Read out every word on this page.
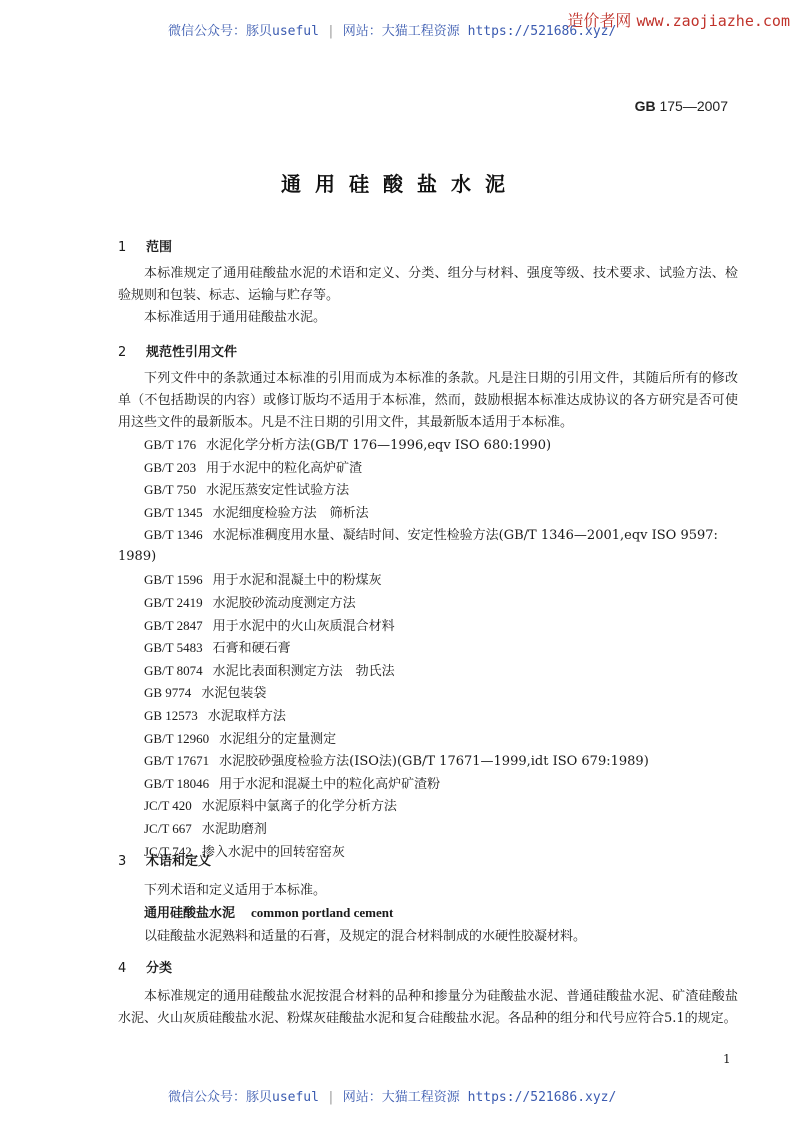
微信公众号：豚贝useful | 网站：大猫工程资源 https://521686.xyz/
造价者网 www.zaojiazhe.com
GB 175—2007
通用硅酸盐水泥
1 范围
本标准规定了通用硅酸盐水泥的术语和定义、分类、组分与材料、强度等级、技术要求、试验方法、检验规则和包装、标志、运输与贮存等。
本标准适用于通用硅酸盐水泥。
2 规范性引用文件
下列文件中的条款通过本标准的引用而成为本标准的条款。凡是注日期的引用文件，其随后所有的修改单（不包括勘误的内容）或修订版均不适用于本标准，然而，鼓励根据本标准达成协议的各方研究是否可使用这些文件的最新版本。凡是不注日期的引用文件，其最新版本适用于本标准。
GB/T 176 水泥化学分析方法(GB/T 176—1996,eqv ISO 680:1990)
GB/T 203 用于水泥中的粒化高炉矿渣
GB/T 750 水泥压蒸安定性试验方法
GB/T 1345 水泥细度检验方法　筛析法
GB/T 1346 水泥标准稠度用水量、凝结时间、安定性检验方法(GB/T 1346—2001,eqv ISO 9597:
1989)
GB/T 1596 用于水泥和混凝土中的粉煤灰
GB/T 2419 水泥胶砂流动度测定方法
GB/T 2847 用于水泥中的火山灰质混合材料
GB/T 5483 石膏和硬石膏
GB/T 8074 水泥比表面积测定方法　勃氏法
GB 9774 水泥包装袋
GB 12573 水泥取样方法
GB/T 12960 水泥组分的定量测定
GB/T 17671 水泥胶砂强度检验方法(ISO法)(GB/T 17671—1999,idt ISO 679:1989)
GB/T 18046 用于水泥和混凝土中的粒化高炉矿渣粉
JC/T 420 水泥原料中氯离子的化学分析方法
JC/T 667 水泥助磨剂
JC/T 742 掺入水泥中的回转窑窑灰
3 术语和定义
下列术语和定义适用于本标准。
通用硅酸盐水泥 common portland cement
以硅酸盐水泥熟料和适量的石膏，及规定的混合材料制成的水硬性胶凝材料。
4 分类
本标准规定的通用硅酸盐水泥按混合材料的品种和掺量分为硅酸盐水泥、普通硅酸盐水泥、矿渣硅酸盐水泥、火山灰质硅酸盐水泥、粉煤灰硅酸盐水泥和复合硅酸盐水泥。各品种的组分和代号应符合5.1的规定。
1
微信公众号：豚贝useful | 网站：大猫工程资源 https://521686.xyz/
